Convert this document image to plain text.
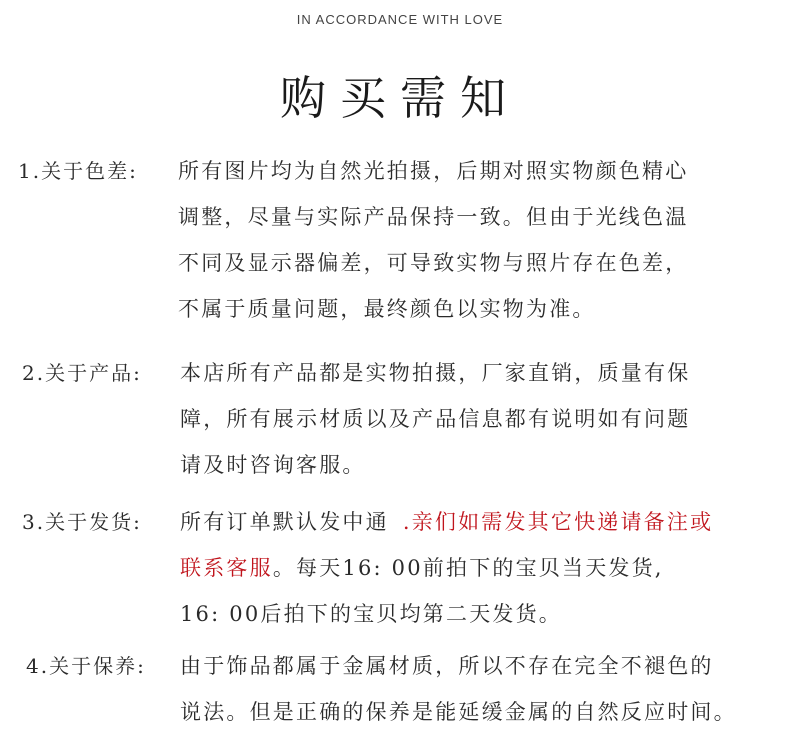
IN ACCORDANCE WITH LOVE
购买需知
1.关于色差: 所有图片均为自然光拍摄，后期对照实物颜色精心
调整，尽量与实际产品保持一致。但由于光线色温
不同及显示器偏差，可导致实物与照片存在色差，
不属于质量问题，最终颜色以实物为准。
2.关于产品: 本店所有产品都是实物拍摄，厂家直销，质量有保
障，所有展示材质以及产品信息都有说明如有问题
请及时咨询客服。
3.关于发货: 所有订单默认发中通 .亲们如需发其它快递请备注或
联系客服。每天16: 00前拍下的宝贝当天发货,
16: 00后拍下的宝贝均第二天发货。
4.关于保养: 由于饰品都属于金属材质，所以不存在完全不褪色的
说法。但是正确的保养是能延缓金属的自然反应时间。
